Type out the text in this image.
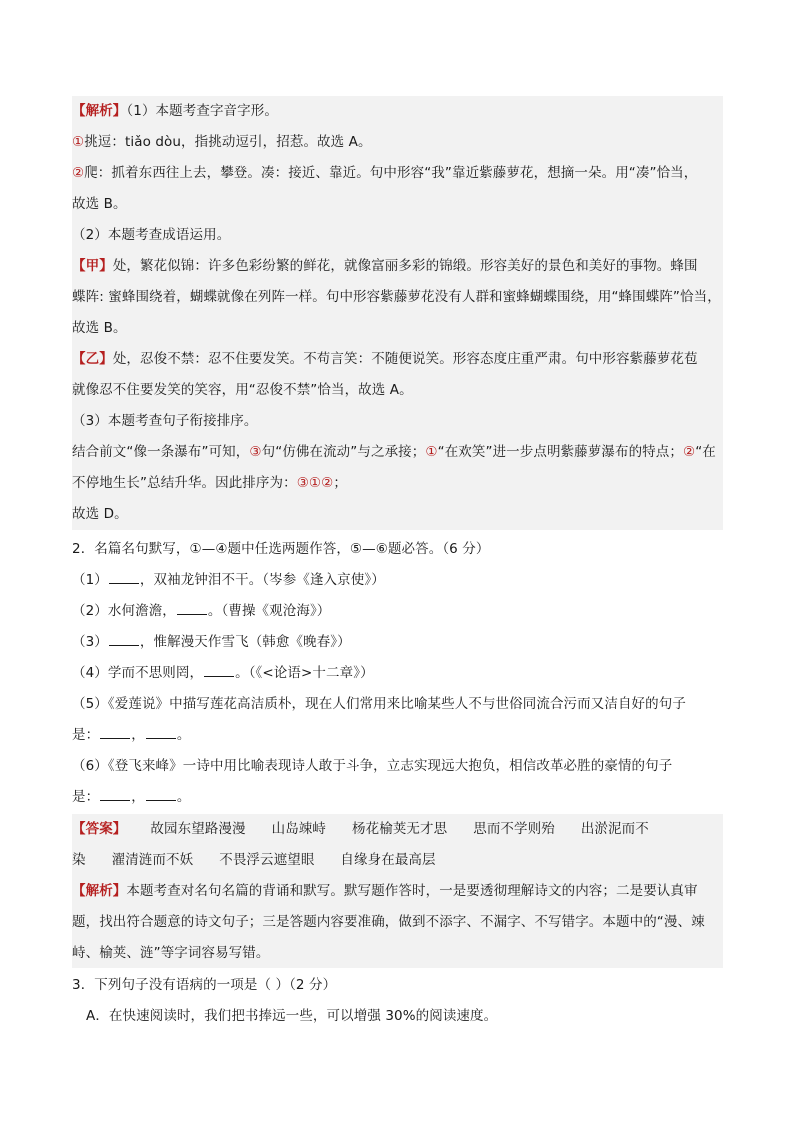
【解析】（1）本题考查字音字形。
①挑逗：tiǎo dòu，指挑动逗引，招惹。故选 A。
②爬：抓着东西往上去，攀登。凑：接近、靠近。句中形容“我”靠近紫藤萝花，想摘一朵。用“凑”恰当，
故选 B。
（2）本题考查成语运用。
【甲】处，繁花似锦：许多色彩纷繁的鲜花，就像富丽多彩的锦缎。形容美好的景色和美好的事物。蜂围
蝶阵: 蜜蜂围绕着，蝴蝶就像在列阵一样。句中形容紫藤萝花没有人群和蜜蜂蝴蝶围绕，用“蜂围蝶阵”恰当，
故选 B。
【乙】处，忍俊不禁：忍不住要发笑。不苟言笑：不随便说笑。形容态度庄重严肃。句中形容紫藤萝花苞
就像忍不住要发笑的笑容，用“忍俊不禁”恰当，故选 A。
（3）本题考查句子衔接排序。
结合前文“像一条瀑布”可知，③句“仿佛在流动”与之承接；①“在欢笑”进一步点明紫藤萝瀑布的特点；②“在
不停地生长”总结升华。因此排序为：③①②；
故选 D。
2．名篇名句默写，①—④题中任选两题作答，⑤—⑥题必答。（6 分）
（1） ，双袖龙钟泪不干。（岑参《逢入京使》）
（2）水何澹澹， 。（曹操《观沧海》）
（3） ，惟解漫天作雪飞（韩愈《晚春》）
（4）学而不思则罔， 。（《<论语>十二章》）
（5）《爱莲说》中描写莲花高洁质朴，现在人们常用来比喻某些人不与世俗同流合污而又洁自好的句子
是： ， 。
（6）《登飞来峰》一诗中用比喻表现诗人敢于斗争，立志实现远大抱负，相信改革必胜的豪情的句子
是： ， 。
【答案】 故园东望路漫漫 山岛竦峙 杨花榆荚无才思 思而不学则殆 出淤泥而不
染 濯清涟而不妖 不畏浮云遮望眼 自缘身在最高层
【解析】本题考查对名句名篇的背诵和默写。默写题作答时，一是要透彻理解诗文的内容；二是要认真审
题，找出符合题意的诗文句子；三是答题内容要准确，做到不添字、不漏字、不写错字。本题中的“漫、竦
峙、榆荚、涟”等字词容易写错。
3．下列句子没有语病的一项是（ ）（2 分）
A．在快速阅读时，我们把书捧远一些，可以增强 30%的阅读速度。
